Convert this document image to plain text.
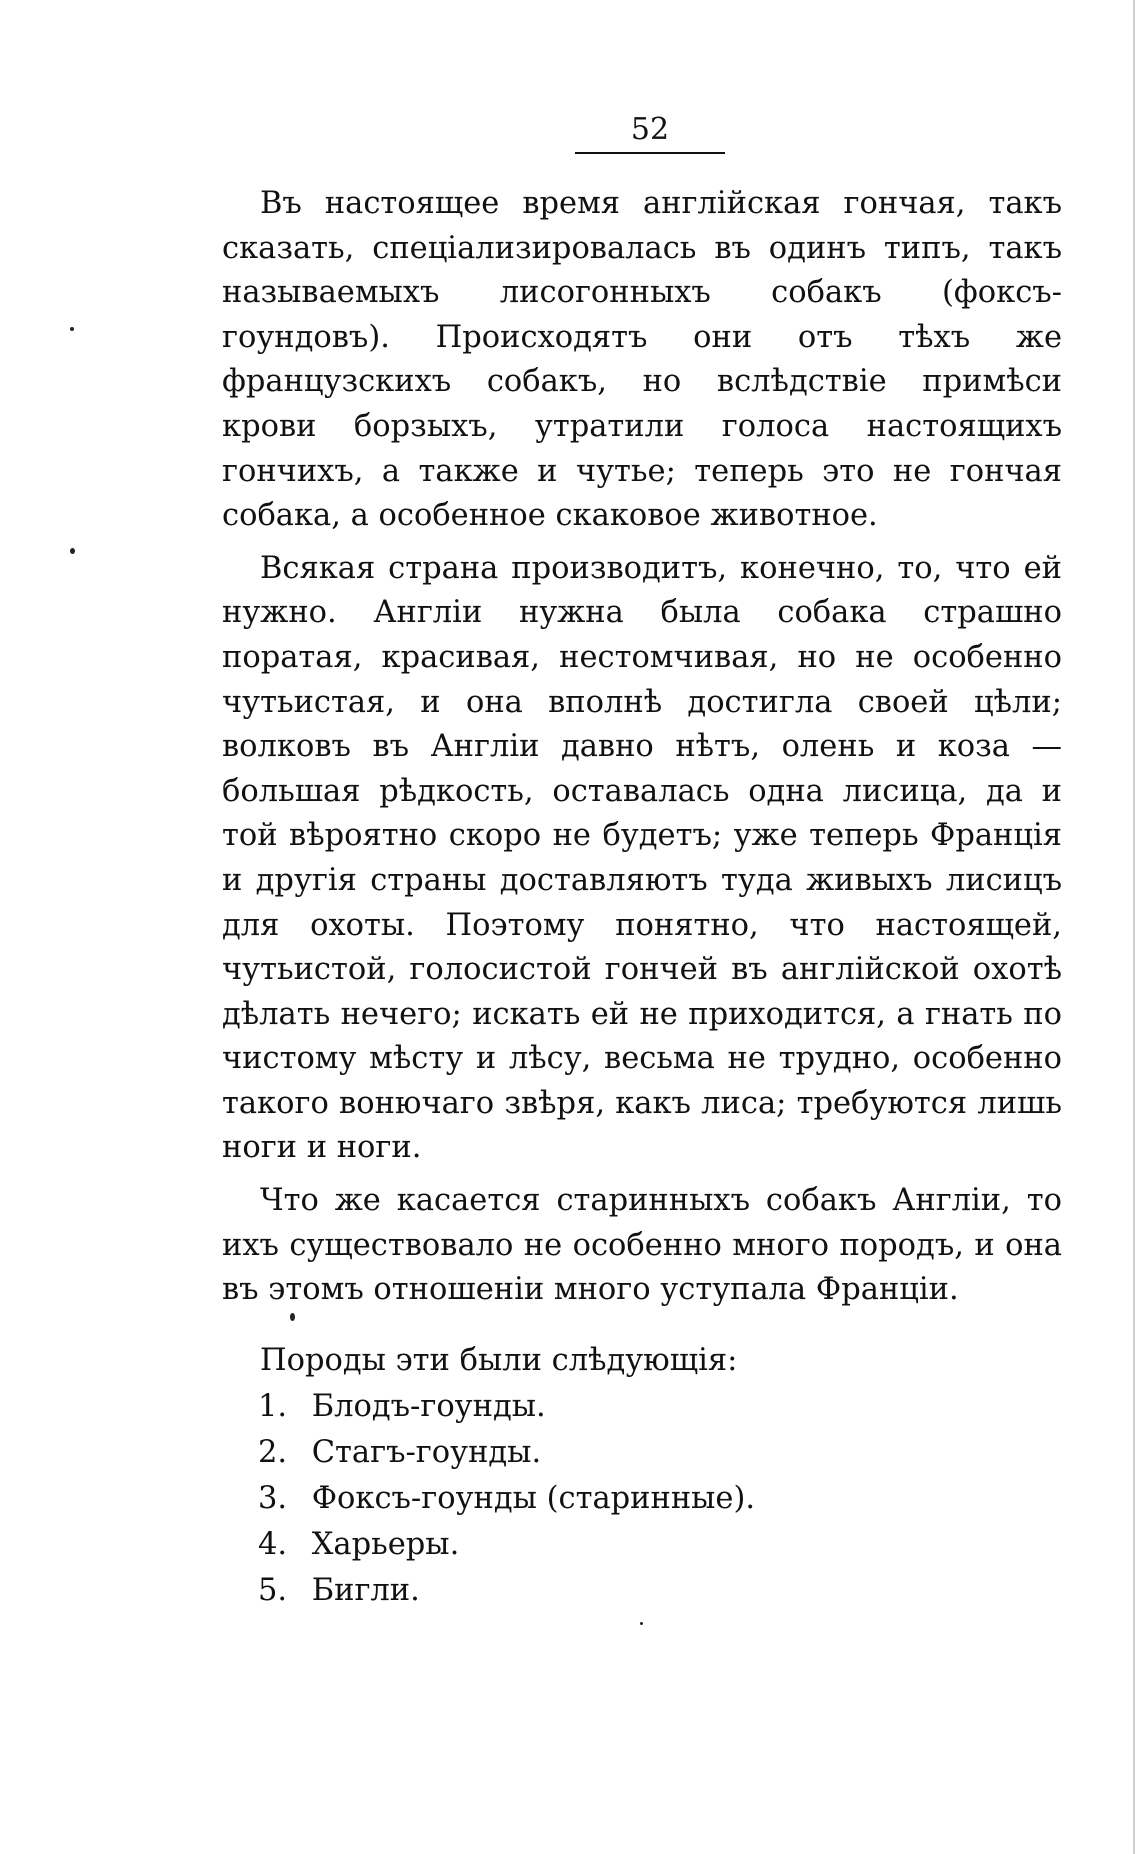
52

Въ настоящее время англійская гончая, такъ сказать, спеціализировалась въ одинъ типъ, такъ называемыхъ лисогонныхъ собакъ (фоксъ-гoундовъ). Происходятъ они отъ тѣхъ же французскихъ собакъ, но вслѣдствіе примѣси крови борзыхъ, утратили голоса настоящихъ гончихъ, а также и чутье; теперь это не гончая собака, а особенное скаковое животное.

Всякая страна производитъ, конечно, то, что ей нужно. Англіи нужна была собака страшно поратая, красивая, нестомчивая, но не особенно чутьистая, и она вполнѣ достигла своей цѣли; волковъ въ Англіи давно нѣтъ, олень и коза — большая рѣдкость, оставалась одна лисица, да и той вѣроятно скоро не будетъ; уже теперь Франція и другія страны доставляютъ туда живыхъ лисицъ для охоты. Поэтому понятно, что настоящей, чутьистой, голосистой гончей въ англійской охотѣ дѣлать нечего; искать ей не приходится, а гнать по чистому мѣсту и лѣсу, весьма не трудно, особенно такого вонючаго звѣря, какъ лиса; требуются лишь ноги и ноги.

Что же касается старинныхъ собакъ Англіи, то ихъ существовало не особенно много породъ, и она въ этомъ отношеніи много уступала Франціи.

Породы эти были слѣдующія:

1. Блодъ-гоунды.
2. Стагъ-гоунды.
3. Фоксъ-гоунды (старинные).
4. Харьеры.
5. Бигли.
